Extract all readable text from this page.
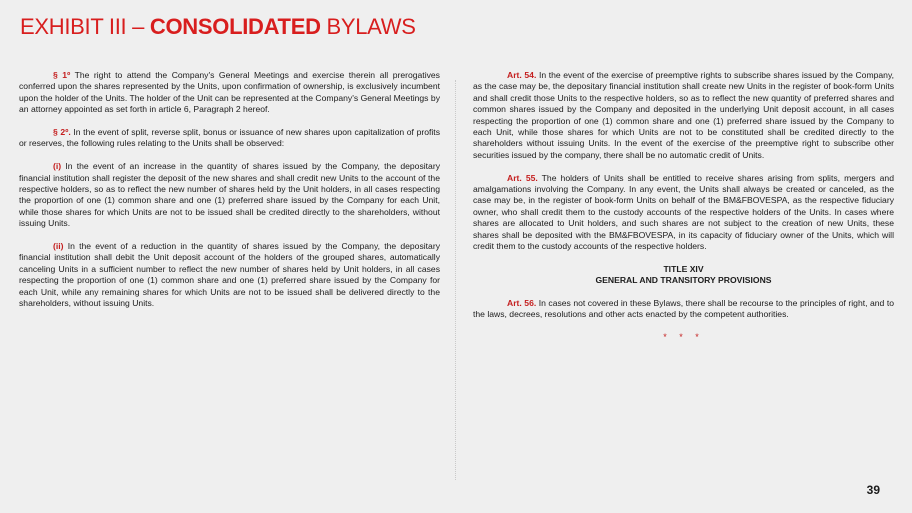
EXHIBIT III – CONSOLIDATED BYLAWS

§ 1º The right to attend the Company's General Meetings and exercise therein all prerogatives conferred upon the shares represented by the Units, upon confirmation of ownership, is exclusively incumbent upon the holder of the Units. The holder of the Unit can be represented at the Company's General Meetings by an attorney appointed as set forth in article 6, Paragraph 2 hereof.

§ 2º. In the event of split, reverse split, bonus or issuance of new shares upon capitalization of profits or reserves, the following rules relating to the Units shall be observed:

(i) In the event of an increase in the quantity of shares issued by the Company, the depositary financial institution shall register the deposit of the new shares and shall credit new Units to the account of the respective holders, so as to reflect the new number of shares held by the Unit holders, in all cases respecting the proportion of one (1) common share and one (1) preferred share issued by the Company for each Unit, while those shares for which Units are not to be issued shall be credited directly to the shareholders, without issuing Units.

(ii) In the event of a reduction in the quantity of shares issued by the Company, the depositary financial institution shall debit the Unit deposit account of the holders of the grouped shares, automatically canceling Units in a sufficient number to reflect the new number of shares held by Unit holders, in all cases respecting the proportion of one (1) common share and one (1) preferred share issued by the Company for each Unit, while any remaining shares for which Units are not to be issued shall be delivered directly to the shareholders, without issuing Units.

Art. 54. In the event of the exercise of preemptive rights to subscribe shares issued by the Company, as the case may be, the depositary financial institution shall create new Units in the register of book-form Units and shall credit those Units to the respective holders, so as to reflect the new quantity of preferred shares and common shares issued by the Company and deposited in the underlying Unit deposit account, in all cases respecting the proportion of one (1) common share and one (1) preferred share issued by the Company to each Unit, while those shares for which Units are not to be constituted shall be credited directly to the shareholders without issuing Units. In the event of the exercise of the preemptive right to subscribe other securities issued by the company, there shall be no automatic credit of Units.

Art. 55. The holders of Units shall be entitled to receive shares arising from splits, mergers and amalgamations involving the Company. In any event, the Units shall always be created or canceled, as the case may be, in the register of book-form Units on behalf of the BM&FBOVESPA, as the respective fiduciary owner, who shall credit them to the custody accounts of the respective holders of the Units. In cases where shares are allocated to Unit holders, and such shares are not subject to the creation of new Units, these shares shall be deposited with the BM&FBOVESPA, in its capacity of fiduciary owner of the Units, which will credit them to the custody accounts of the respective holders.

TITLE XIV

GENERAL AND TRANSITORY PROVISIONS

Art. 56. In cases not covered in these Bylaws, there shall be recourse to the principles of right, and to the laws, decrees, resolutions and other acts enacted by the competent authorities.

* * *
39
